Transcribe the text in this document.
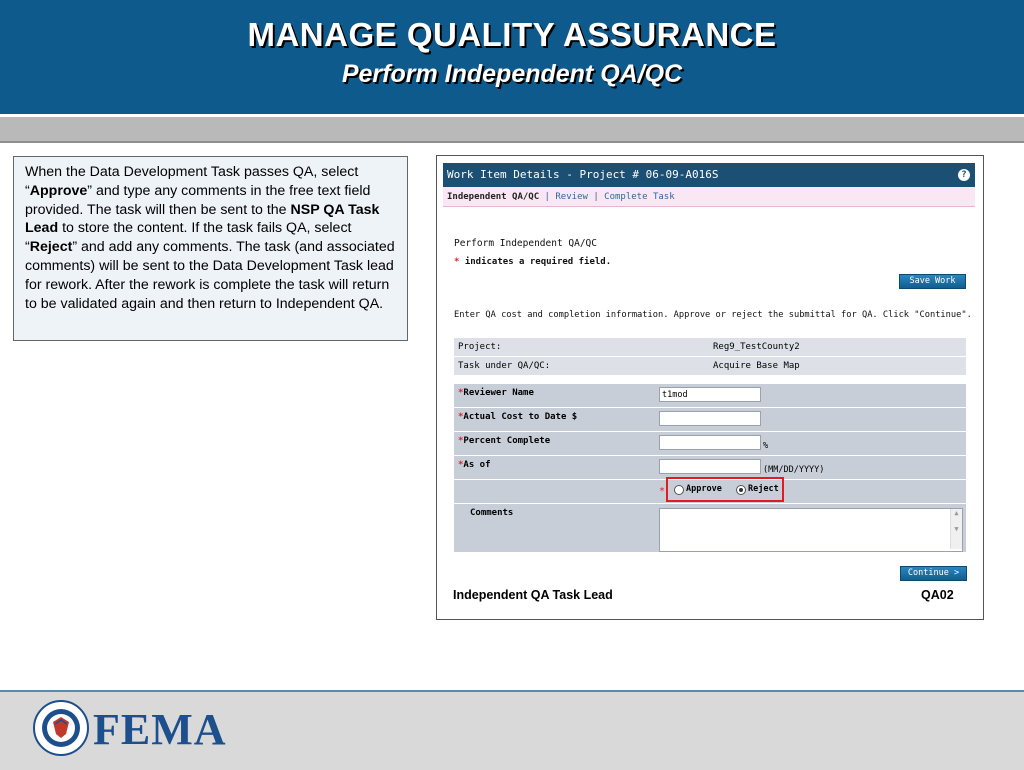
MANAGE QUALITY ASSURANCE
Perform Independent QA/QC
When the Data Development Task passes QA, select “Approve” and type any comments in the free text field provided. The task will then be sent to the NSP QA Task Lead to store the content. If the task fails QA, select “Reject” and add any comments. The task (and associated comments) will be sent to the Data Development Task lead for rework. After the rework is complete the task will return to be validated again and then return to Independent QA.
Work Item Details - Project # 06-09-A016S	?
Independent QA/QC | Review | Complete Task
Perform Independent QA/QC
* indicates a required field.
Save Work
Enter QA cost and completion information. Approve or reject the submittal for QA. Click "Continue".
Project:	Reg9_TestCounty2
Task under QA/QC:	Acquire Base Map
*Reviewer Name	t1mod
*Actual Cost to Date $
*Percent Complete	%
*As of	(MM/DD/YYYY)
* Approve	Reject
Comments	▲

▼
Continue >
Independent QA Task Lead	QA02
FEMA
